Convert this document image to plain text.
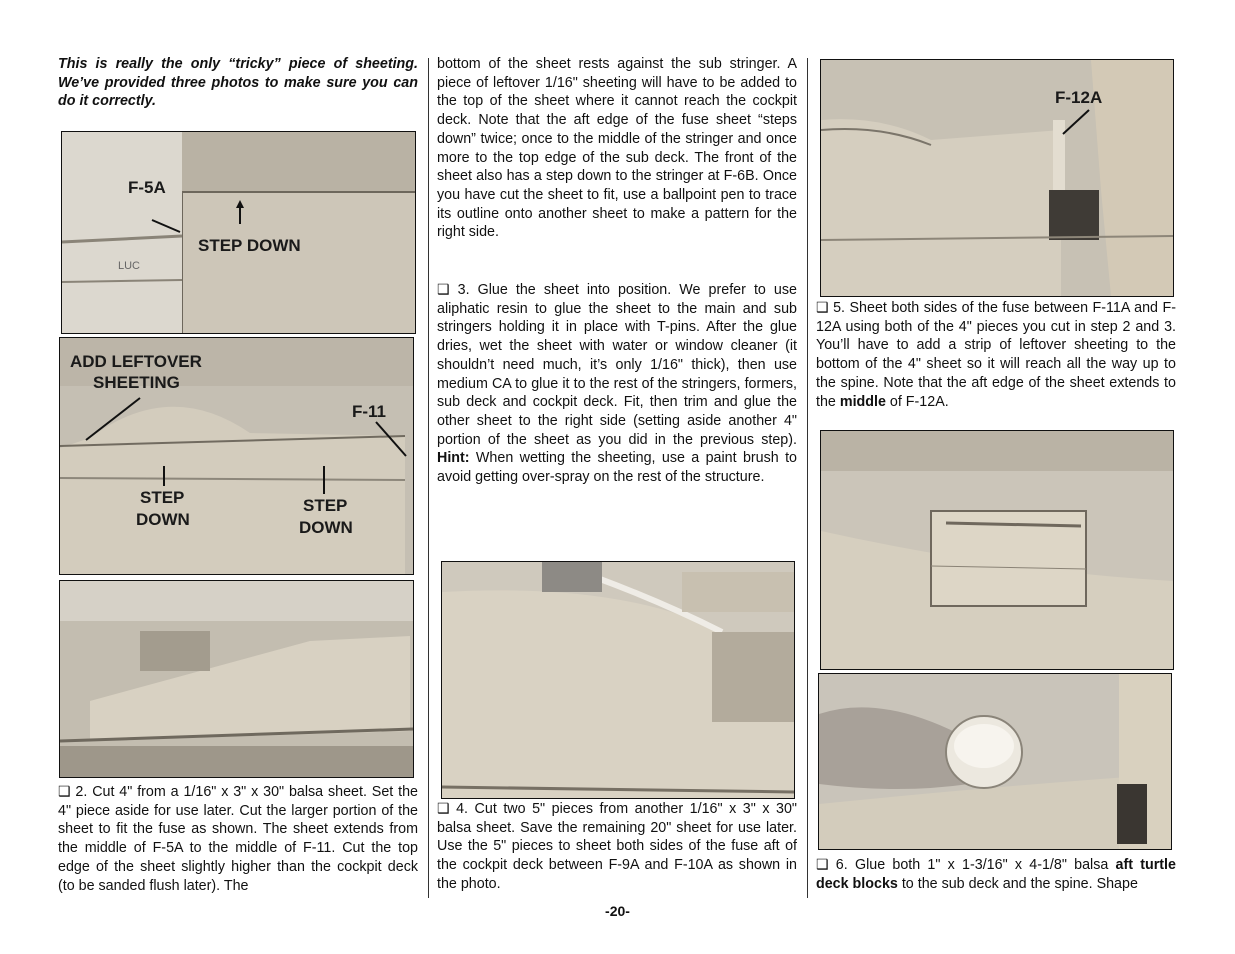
This is really the only “tricky” piece of sheeting. We’ve provided three photos to make sure you can do it correctly.
F-5A
STEP DOWN
LUC
ADD LEFTOVER
SHEETING
F-11
STEP
DOWN
STEP
DOWN
❑ 2. Cut 4" from a 1/16" x 3" x 30" balsa sheet. Set the 4" piece aside for use later. Cut the larger portion of the sheet to fit the fuse as shown. The sheet extends from the middle of F-5A to the middle of F-11. Cut the top edge of the sheet slightly higher than the cockpit deck (to be sanded flush later). The
bottom of the sheet rests against the sub stringer. A piece of leftover 1/16" sheeting will have to be added to the top of the sheet where it cannot reach the cockpit deck. Note that the aft edge of the fuse sheet “steps down” twice; once to the middle of the stringer and once more to the top edge of the sub deck. The front of the sheet also has a step down to the stringer at F-6B. Once you have cut the sheet to fit, use a ballpoint pen to trace its outline onto another sheet to make a pattern for the right side.
❑ 3. Glue the sheet into position. We prefer to use aliphatic resin to glue the sheet to the main and sub stringers holding it in place with T-pins. After the glue dries, wet the sheet with water or window cleaner (it shouldn’t need much, it’s only 1/16" thick), then use medium CA to glue it to the rest of the stringers, formers, sub deck and cockpit deck. Fit, then trim and glue the other sheet to the right side (setting aside another 4" portion of the sheet as you did in the previous step). Hint: When wetting the sheeting, use a paint brush to avoid getting over-spray on the rest of the structure.
❑ 4. Cut two 5" pieces from another 1/16" x 3" x 30" balsa sheet. Save the remaining 20" sheet for use later. Use the 5" pieces to sheet both sides of the fuse aft of the cockpit deck between F-9A and F-10A as shown in the photo.
F-12A
❑ 5. Sheet both sides of the fuse between F-11A and F-12A using both of the 4" pieces you cut in step 2 and 3. You’ll have to add a strip of leftover sheeting to the bottom of the 4" sheet so it will reach all the way up to the spine. Note that the aft edge of the sheet extends to the middle of F-12A.
❑ 6. Glue both 1" x 1-3/16" x 4-1/8" balsa aft turtle deck blocks to the sub deck and the spine. Shape
-20-
